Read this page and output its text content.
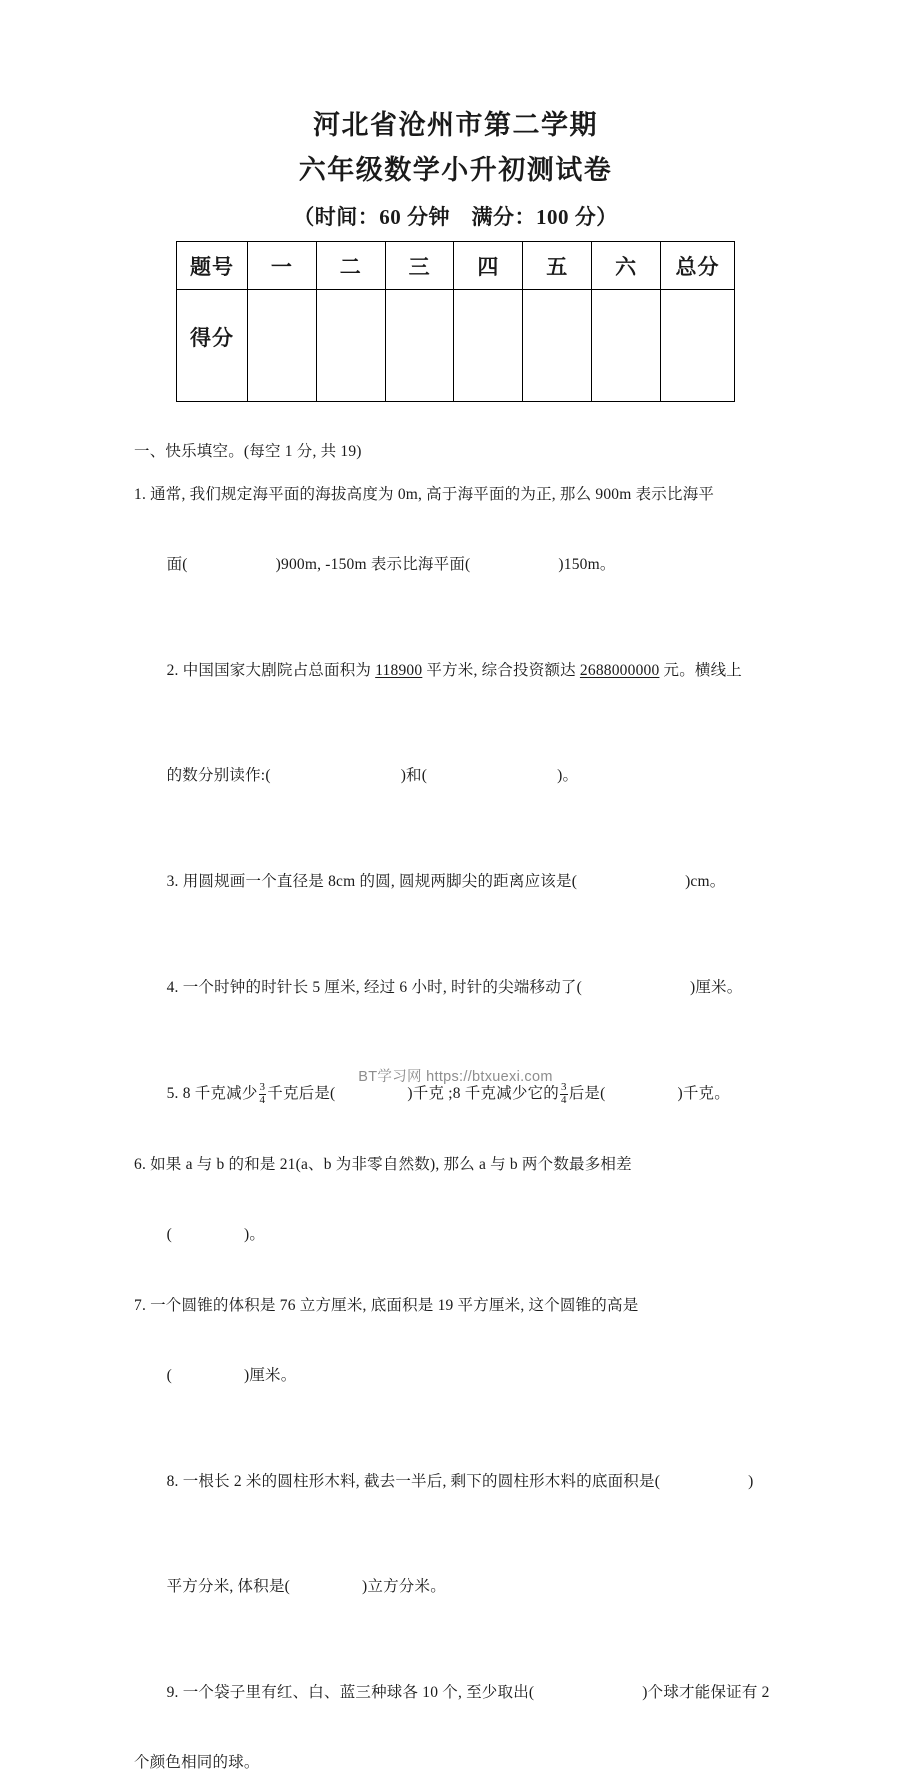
河北省沧州市第二学期
六年级数学小升初测试卷
（时间：60 分钟　满分：100 分）
题号	一	二	三	四	五	六	总分
得分							
一、快乐填空。(每空 1 分, 共 19)
1. 通常, 我们规定海平面的海拔高度为 0m, 高于海平面的为正, 那么 900m 表示比海平

面(	)900m, -150m 表示比海平面(	)150m。

2. 中国国家大剧院占总面积为 118900 平方米, 综合投资额达 2688000000 元。横线上

的数分别读作:(	)和(	)。

3. 用圆规画一个直径是 8cm 的圆, 圆规两脚尖的距离应该是(	)cm。

4. 一个时钟的时针长 5 厘米, 经过 6 小时, 时针的尖端移动了(	)厘米。

5. 8 千克减少 $\frac{3}{4}$ 千克后是(	)千克 ;8 千克减少它的 $\frac{3}{4}$ 后是(	)千克。

6. 如果 a 与 b 的和是 21(a、b 为非零自然数), 那么 a 与 b 两个数最多相差

(	)。

7. 一个圆锥的体积是 76 立方厘米, 底面积是 19 平方厘米, 这个圆锥的高是

(	)厘米。

8. 一根长 2 米的圆柱形木料, 截去一半后, 剩下的圆柱形木料的底面积是(	)

平方分米, 体积是(	)立方分米。

9. 一个袋子里有红、白、蓝三种球各 10 个, 至少取出(	)个球才能保证有 2

个颜色相同的球。
BT学习网 https://btxuexi.com
